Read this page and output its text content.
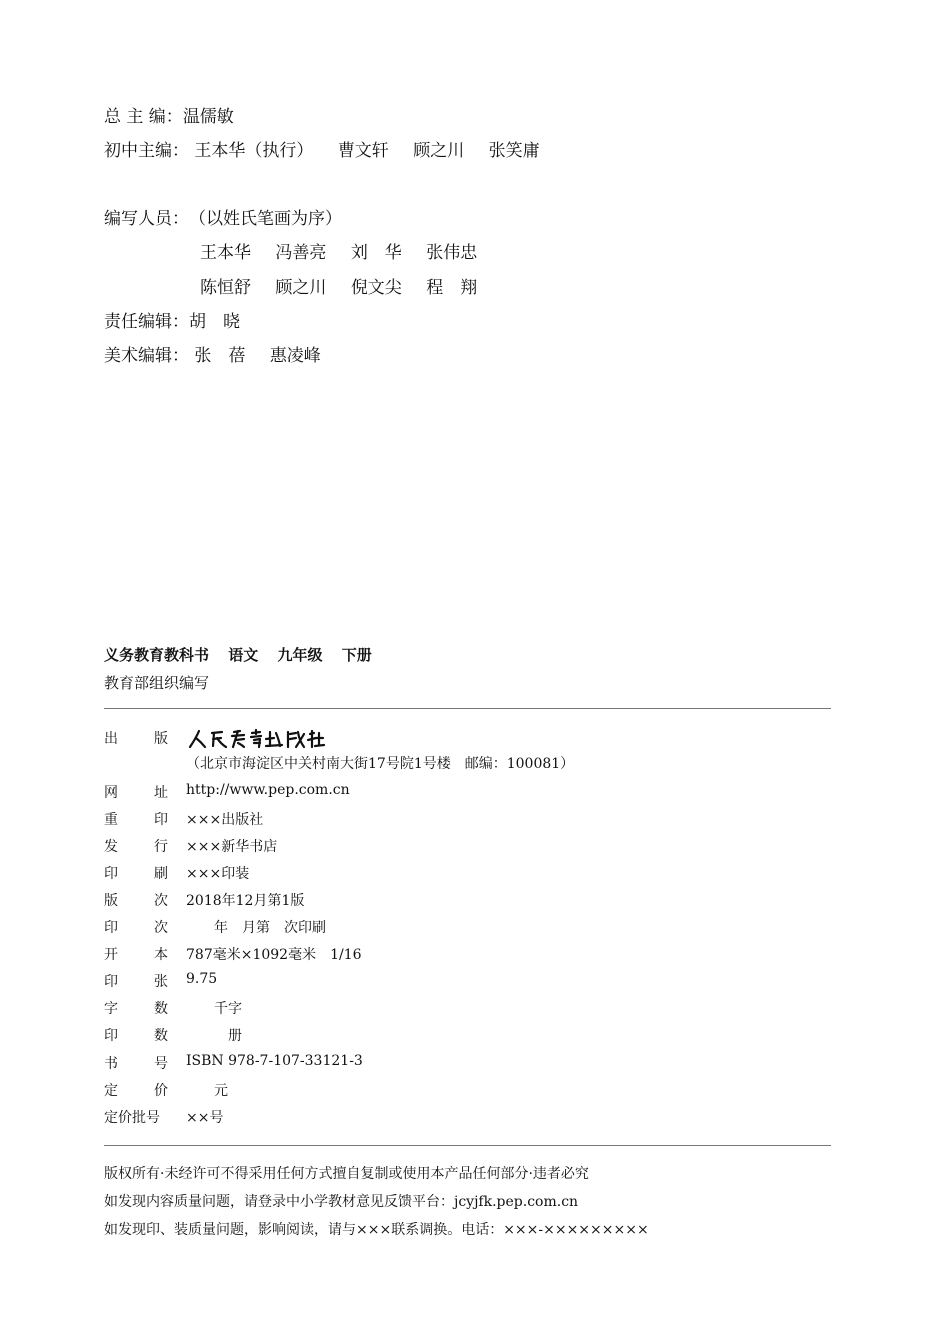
总 主 编：温儒敏
初中主编： 王本华（执行） 曹文轩 顾之川 张笑庸
编写人员：（以姓氏笔画为序）
王本华 冯善亮 刘　华 张伟忠
陈恒舒 顾之川 倪文尖 程　翔
责任编辑：胡　晓
美术编辑： 张　蓓 惠凌峰
义务教育教科书 语文 九年级 下册
教育部组织编写
出	版
（北京市海淀区中关村南大街17号院1号楼　邮编：100081）
网	址 http://www.pep.com.cn
重	印 ×××出版社
发	行 ×××新华书店
印	刷 ×××印装
版	次 2018年12月第1版
印	次 　　年　月第　次印刷
开	本 787毫米×1092毫米　1/16
印	张 9.75
字	数 　　千字
印	数 　　　册
书	号 ISBN 978-7-107-33121-3
定	价 　　元
定价批号 ××号
版权所有·未经许可不得采用任何方式擅自复制或使用本产品任何部分·违者必究
如发现内容质量问题，请登录中小学教材意见反馈平台：jcyjfk.pep.com.cn
如发现印、装质量问题，影响阅读，请与×××联系调换。电话：×××-×××××××××
